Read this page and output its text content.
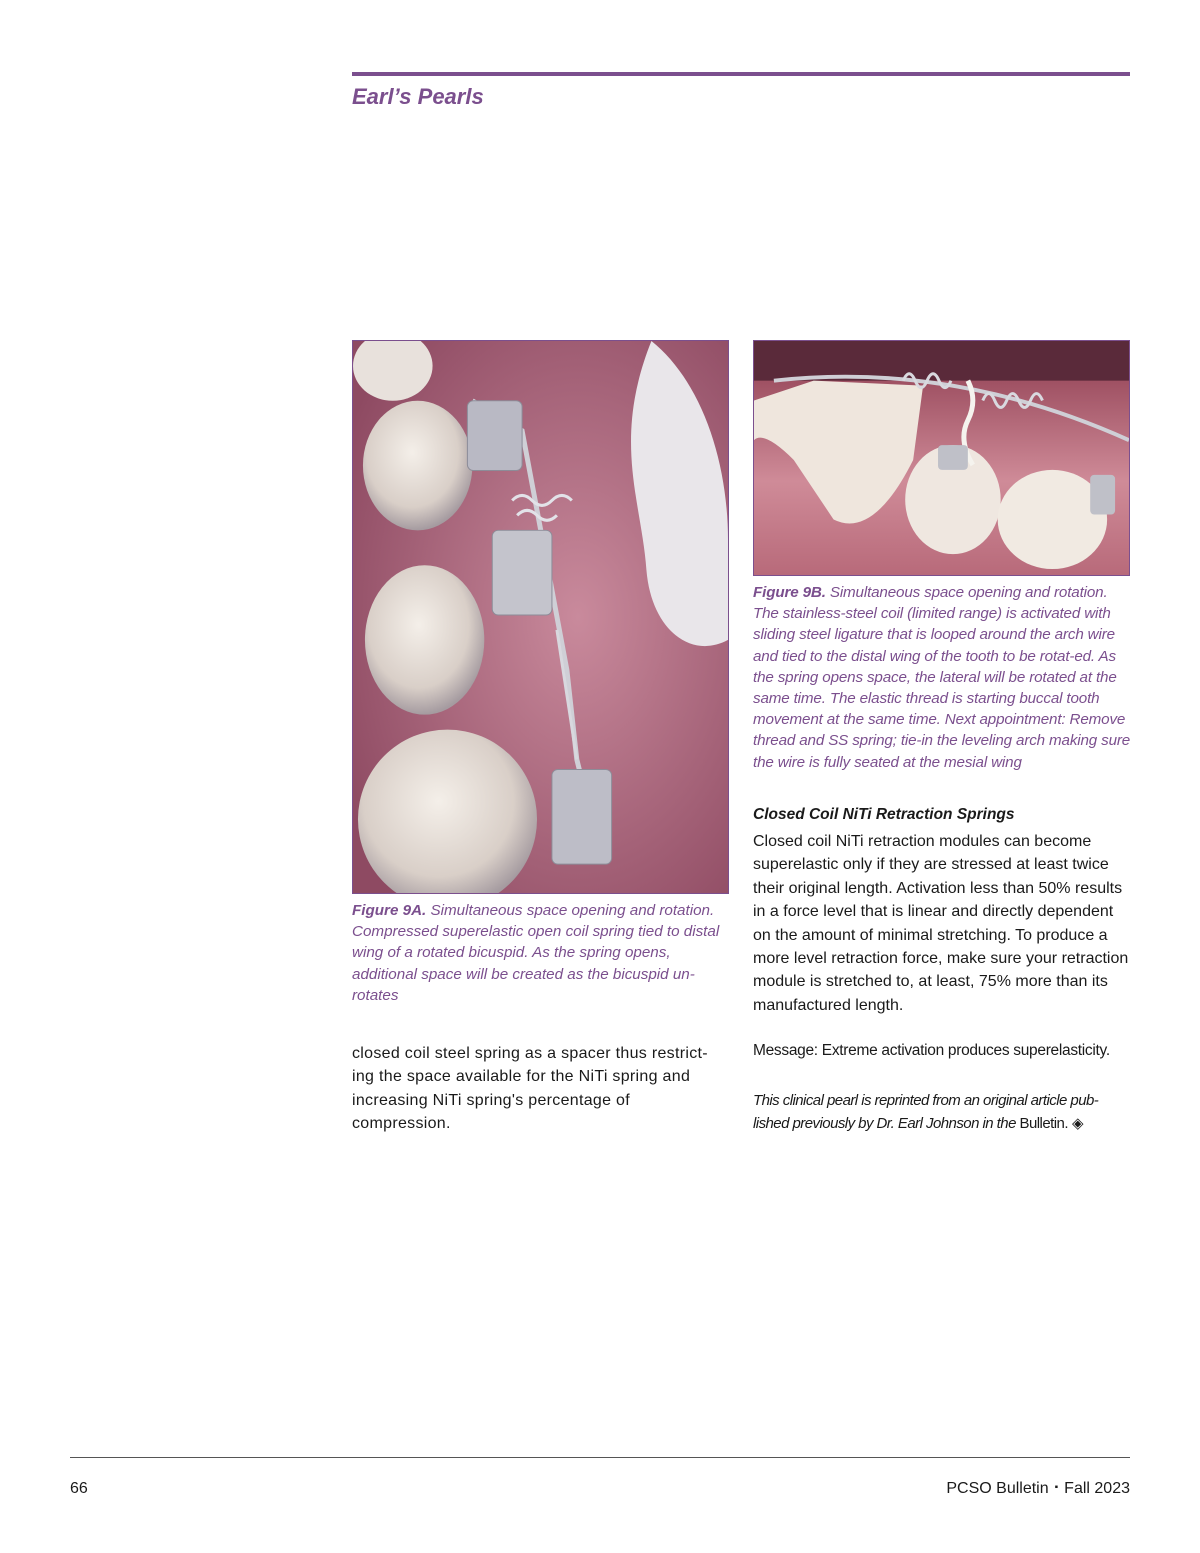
Earl’s Pearls

Figure 9A. Simultaneous space opening and rotation. Compressed superelastic open coil spring tied to distal wing of a rotated bicuspid. As the spring opens, additional space will be created as the bicuspid un-rotates

Figure 9B. Simultaneous space opening and rotation. The stainless-steel coil (limited range) is activated with sliding steel ligature that is looped around the arch wire and tied to the distal wing of the tooth to be rotat-ed. As the spring opens space, the lateral will be rotated at the same time. The elastic thread is starting buccal tooth movement at the same time. Next appointment: Remove thread and SS spring; tie-in the leveling arch making sure the wire is fully seated at the mesial wing

closed coil steel spring as a spacer thus restrict-ing the space available for the NiTi spring and increasing NiTi spring's percentage of compression.

Closed Coil NiTi Retraction Springs

Closed coil NiTi retraction modules can become superelastic only if they are stressed at least twice their original length. Activation less than 50% results in a force level that is linear and directly dependent on the amount of minimal stretching. To produce a more level retraction force, make sure your retraction module is stretched to, at least, 75% more than its manufactured length.

Message: Extreme activation produces superelasticity.

This clinical pearl is reprinted from an original article pub-lished previously by Dr. Earl Johnson in the Bulletin. ◈

66	PCSO Bulletin ▪ Fall 2023
